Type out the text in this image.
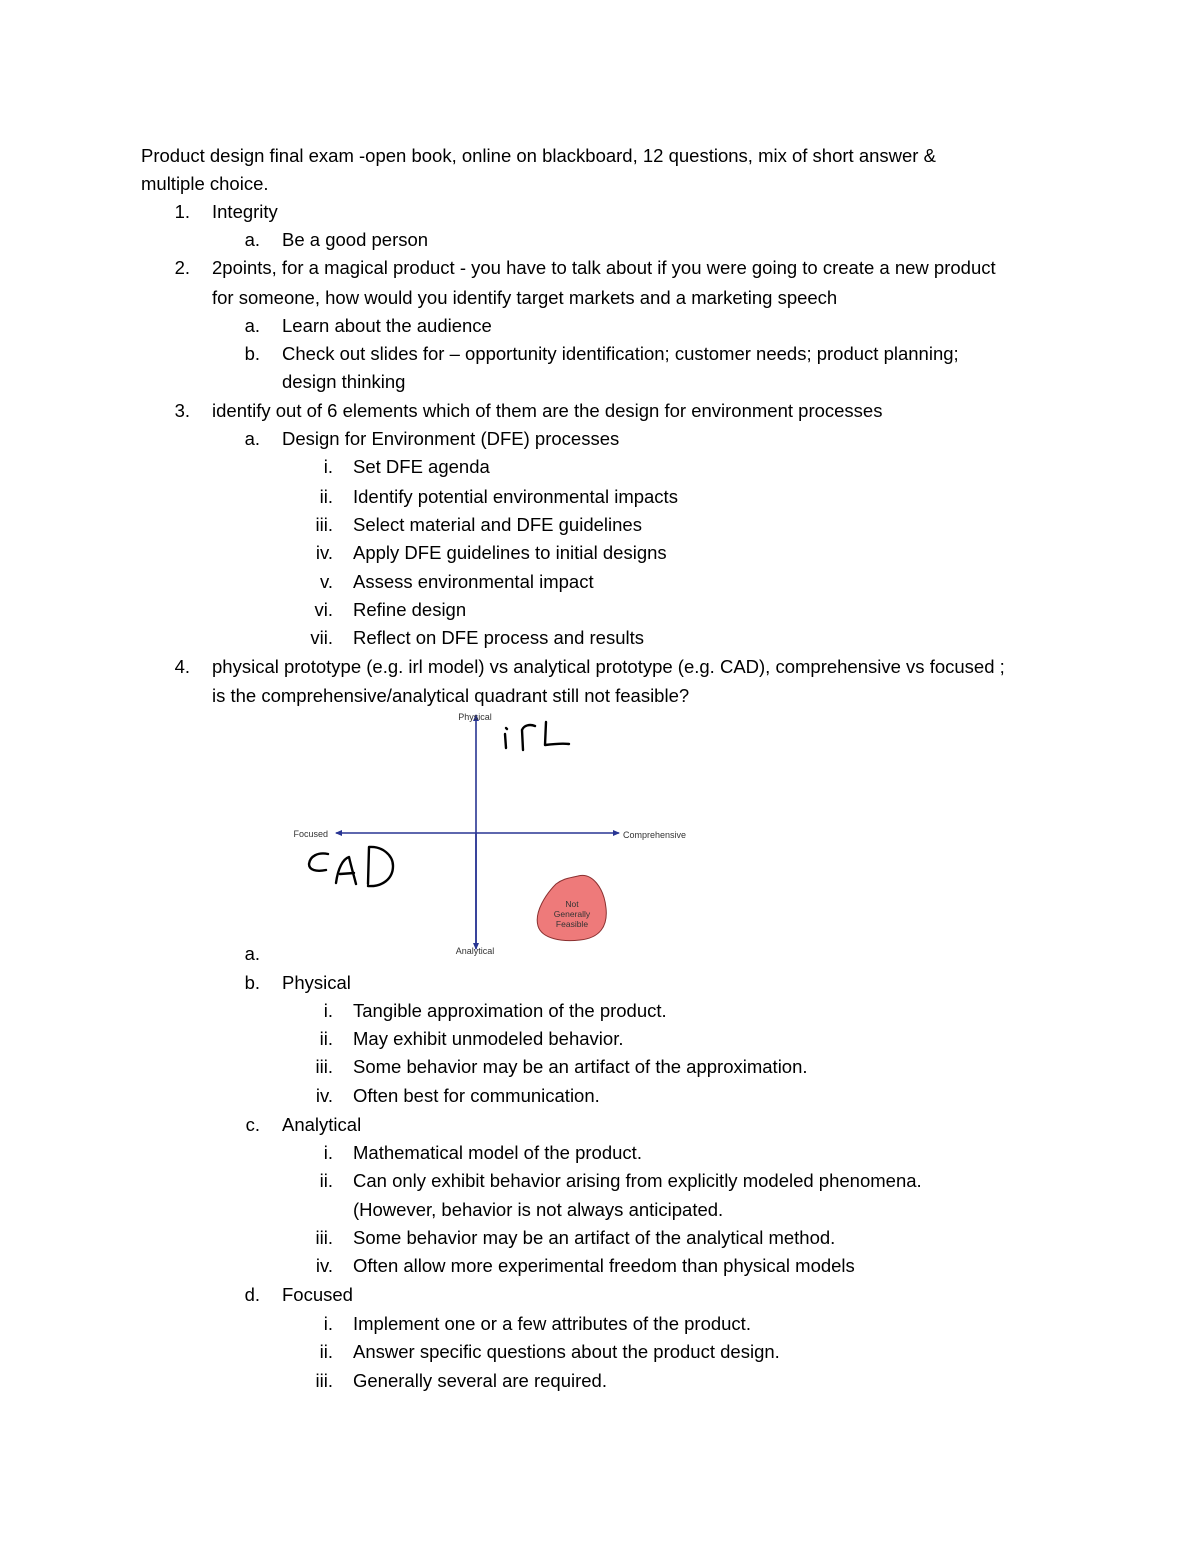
Product design final exam -open book, online on blackboard, 12 questions, mix of short answer &
multiple choice.
1. Integrity
a. Be a good person
2. 2points, for a magical product - you have to talk about if you were going to create a new product
for someone, how would you identify target markets and a marketing speech
a. Learn about the audience
b. Check out slides for – opportunity identification; customer needs; product planning;
design thinking
3. identify out of 6 elements which of them are the design for environment processes
a. Design for Environment (DFE) processes
i. Set DFE agenda
ii. Identify potential environmental impacts
iii. Select material and DFE guidelines
iv. Apply DFE guidelines to initial designs
v. Assess environmental impact
vi. Refine design
vii. Reflect on DFE process and results
4. physical prototype (e.g. irl model) vs analytical prototype (e.g. CAD), comprehensive vs focused ;
is the comprehensive/analytical quadrant still not feasible?
Physical
Analytical
Focused	Comprehensive
Not
Generally
Feasible
a.
b. Physical
i. Tangible approximation of the product.
ii. May exhibit unmodeled behavior.
iii. Some behavior may be an artifact of the approximation.
iv. Often best for communication.
c. Analytical
i. Mathematical model of the product.
ii. Can only exhibit behavior arising from explicitly modeled phenomena.
(However, behavior is not always anticipated.
iii. Some behavior may be an artifact of the analytical method.
iv. Often allow more experimental freedom than physical models
d. Focused
i. Implement one or a few attributes of the product.
ii. Answer specific questions about the product design.
iii. Generally several are required.
